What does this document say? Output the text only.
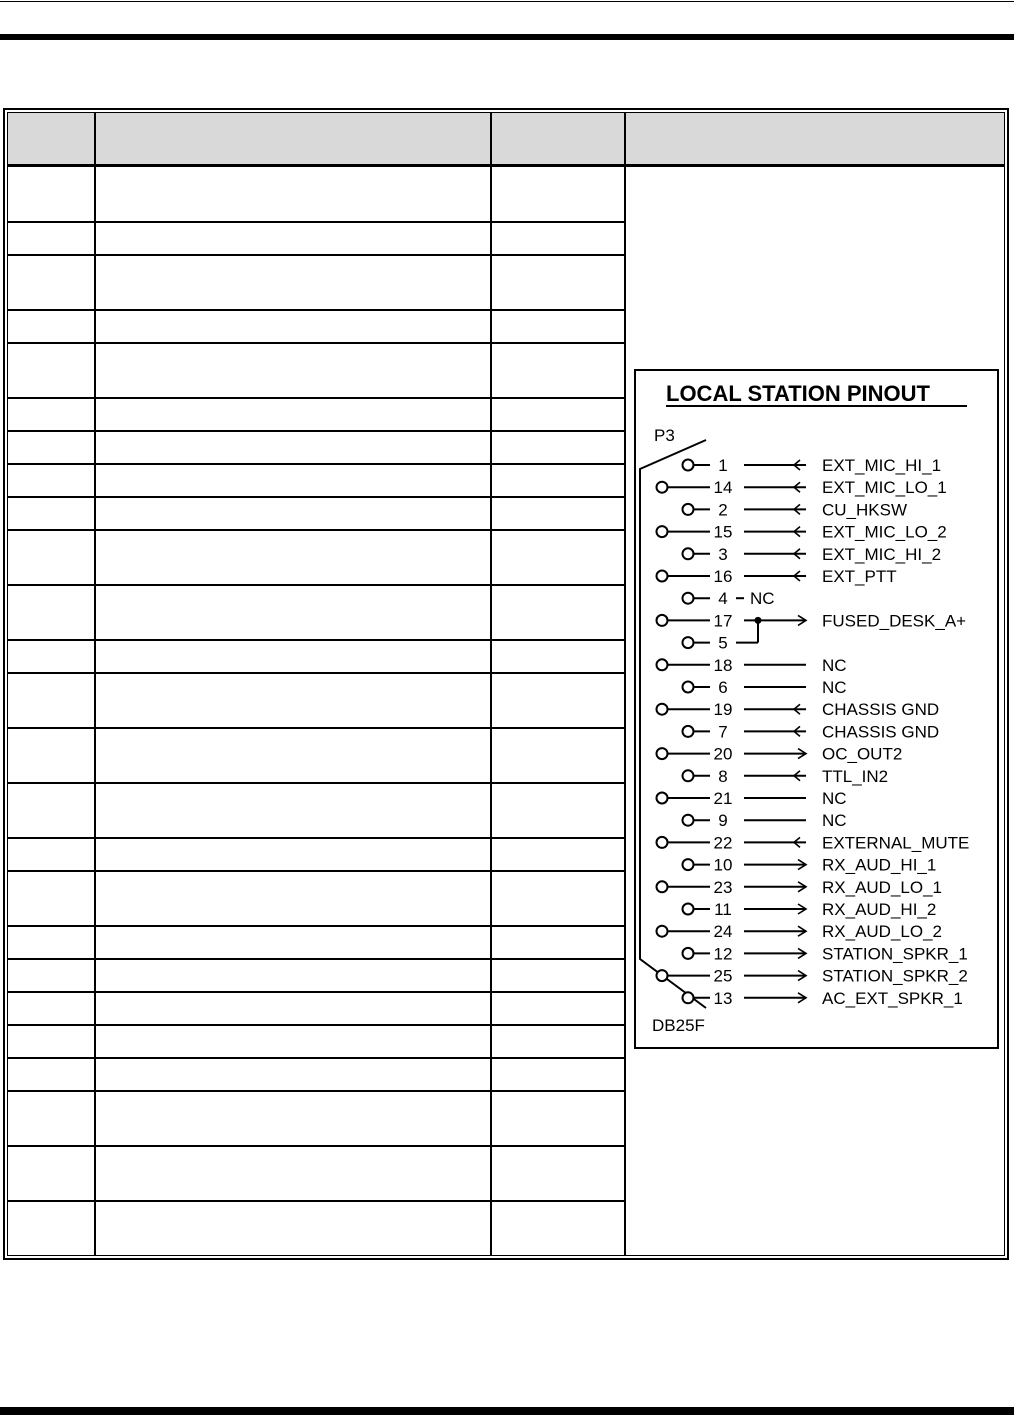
LOCAL STATION PINOUT
P3
DB25F
1	EXT_MIC_HI_1
14	EXT_MIC_LO_1
2	CU_HKSW
15	EXT_MIC_LO_2
3	EXT_MIC_HI_2
16	EXT_PTT
4 NC
17	FUSED_DESK_A+
5
18	NC
6	NC
19	CHASSIS GND
7	CHASSIS GND
20	OC_OUT2
8	TTL_IN2
21	NC
9	NC
22	EXTERNAL_MUTE
10	RX_AUD_HI_1
23	RX_AUD_LO_1
11	RX_AUD_HI_2
24	RX_AUD_LO_2
12	STATION_SPKR_1
25	STATION_SPKR_2
13	AC_EXT_SPKR_1
